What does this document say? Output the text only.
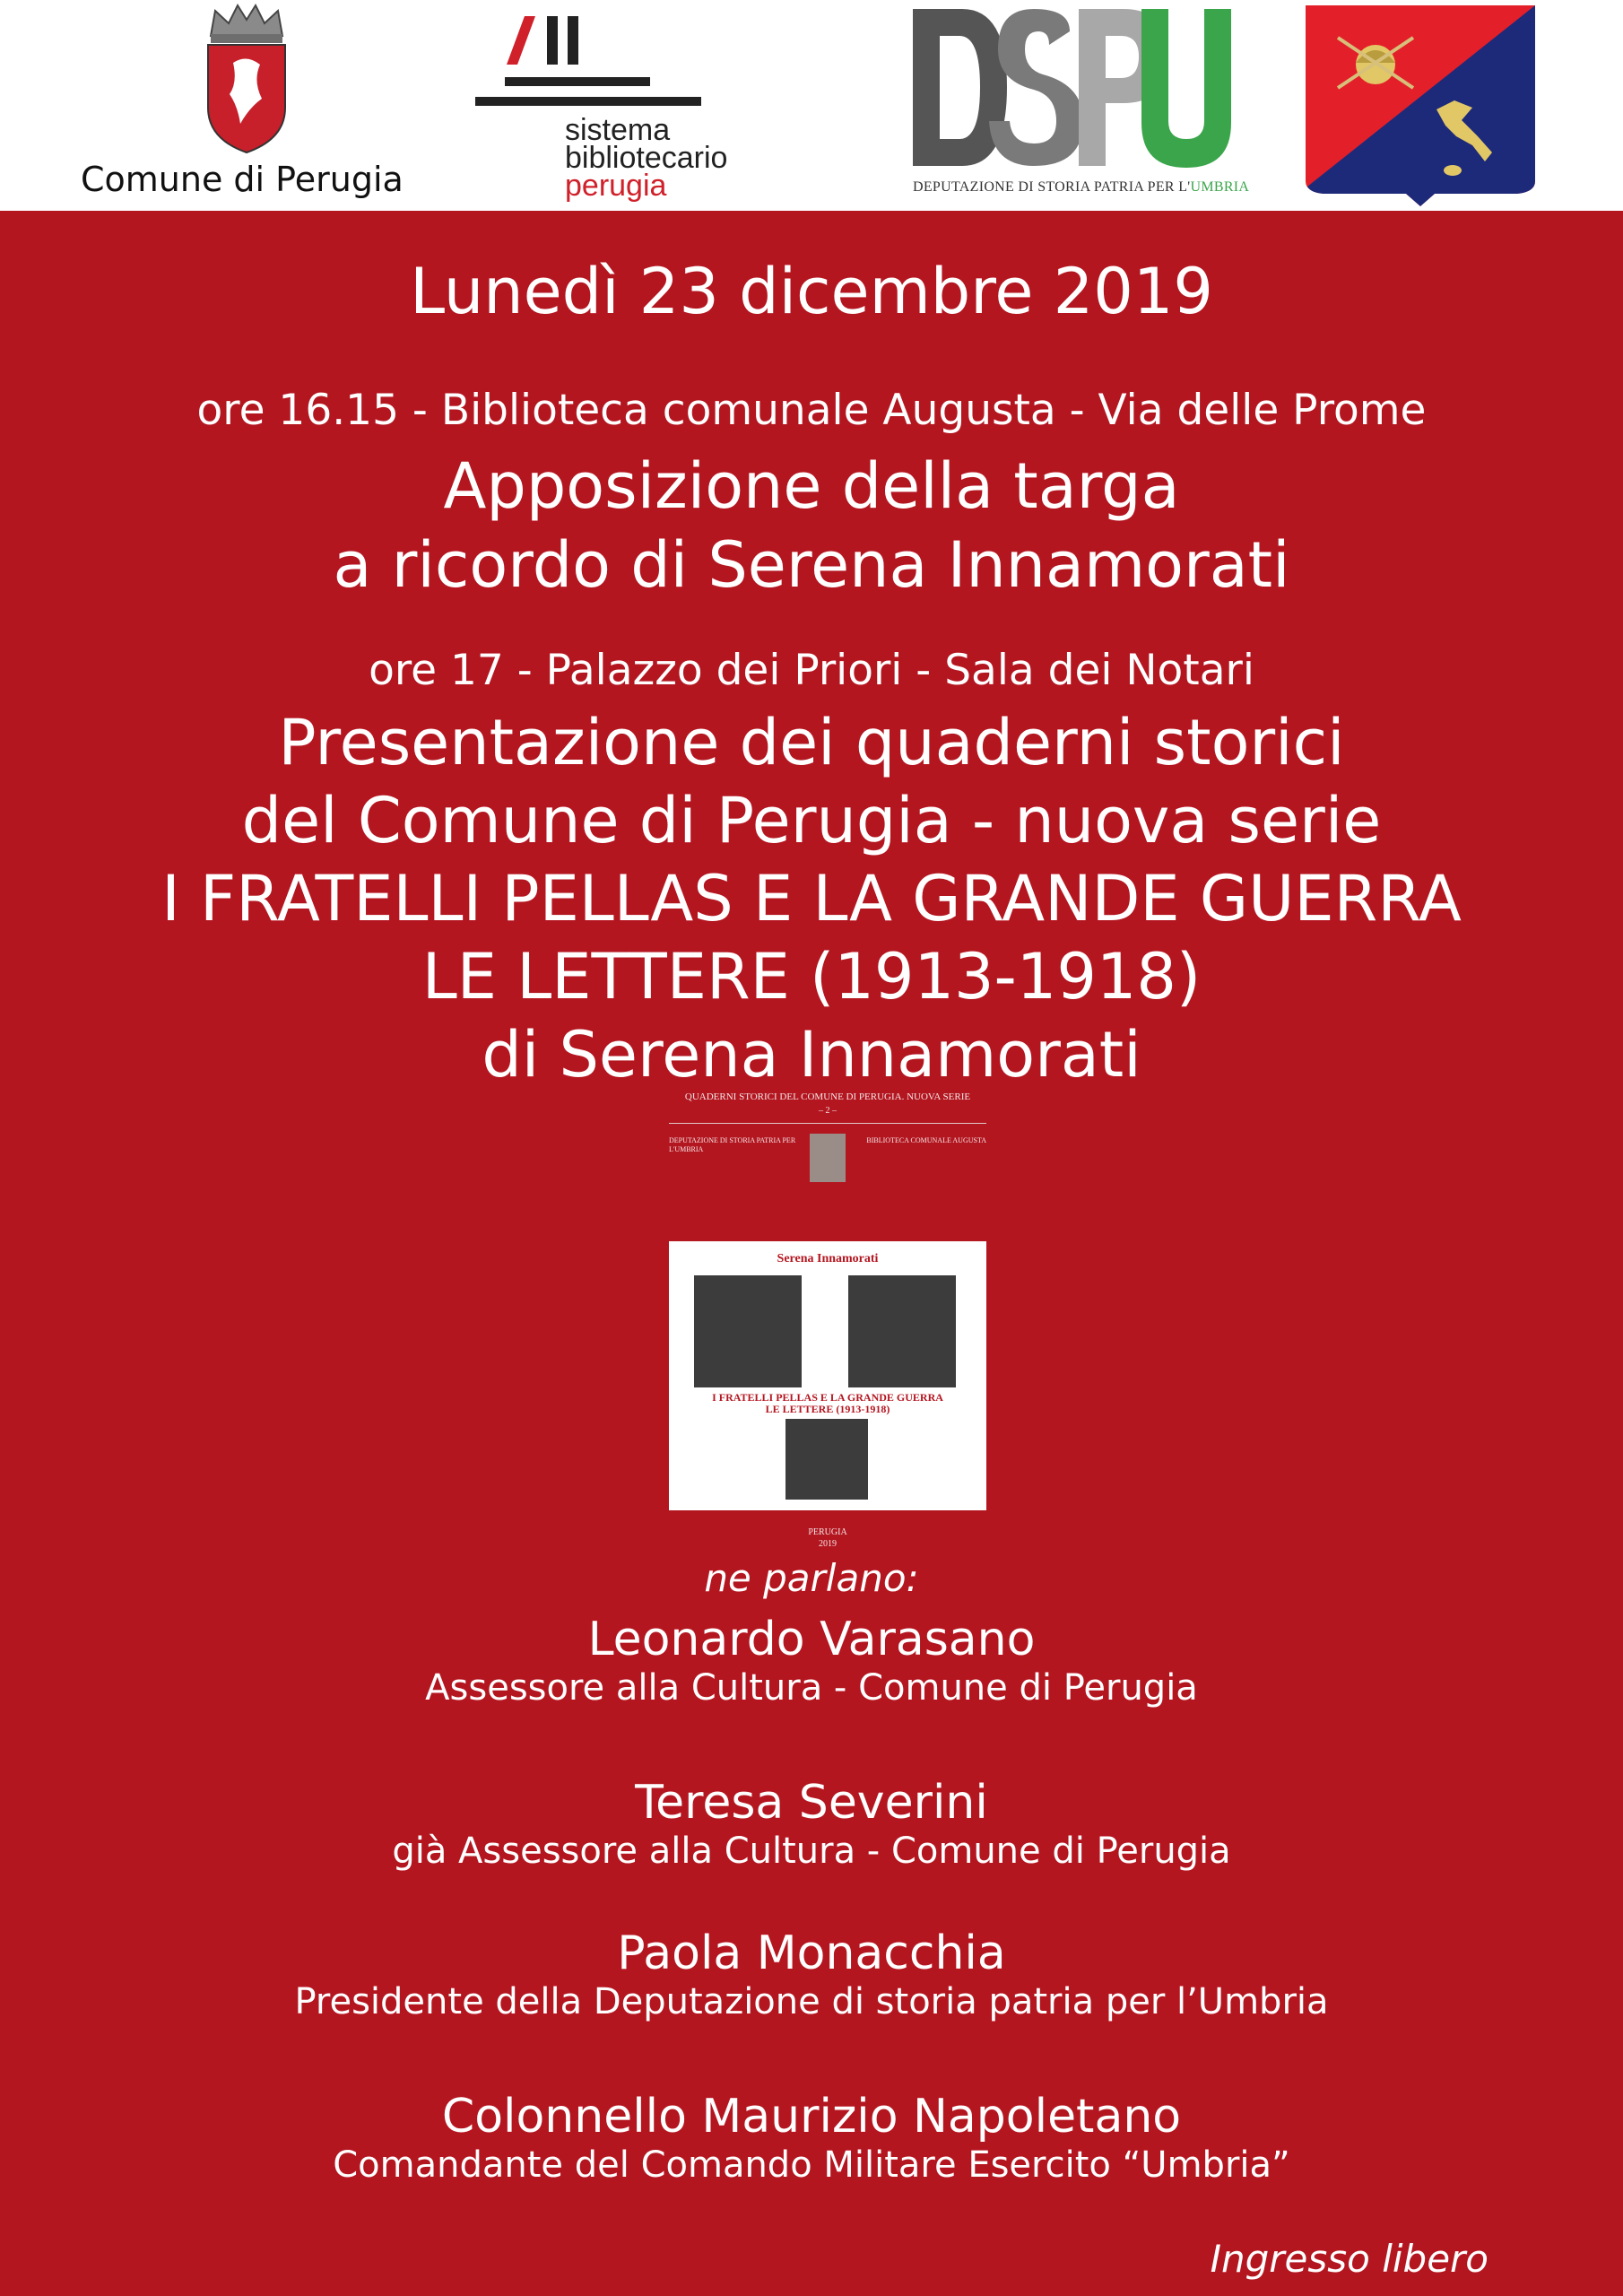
Comune di Perugia
sistema
bibliotecario
perugia	DEPUTAZIONE DI STORIA PATRIA PER L'UMBRIA
Lunedì 23 dicembre 2019
ore 16.15 - Biblioteca comunale Augusta - Via delle Prome
Apposizione della targa
a ricordo di Serena Innamorati
ore 17 - Palazzo dei Priori - Sala dei Notari
Presentazione dei quaderni storici
del Comune di Perugia - nuova serie
I FRATELLI PELLAS E LA GRANDE GUERRA
LE LETTERE (1913-1918)
di Serena Innamorati
QUADERNI STORICI DEL COMUNE DI PERUGIA. NUOVA SERIE
– 2 –
DEPUTAZIONE DI STORIA PATRIA PER L'UMBRIA
BIBLIOTECA COMUNALE AUGUSTA
Serena Innamorati
I FRATELLI PELLAS E LA GRANDE GUERRA
LE LETTERE (1913-1918)
PERUGIA
2019
ne parlano:
Leonardo Varasano
Assessore alla Cultura - Comune di Perugia
Teresa Severini
già Assessore alla Cultura - Comune di Perugia
Paola Monacchia
Presidente della Deputazione di storia patria per l’Umbria
Colonnello Maurizio Napoletano
Comandante del Comando Militare Esercito “Umbria”
Ingresso libero
